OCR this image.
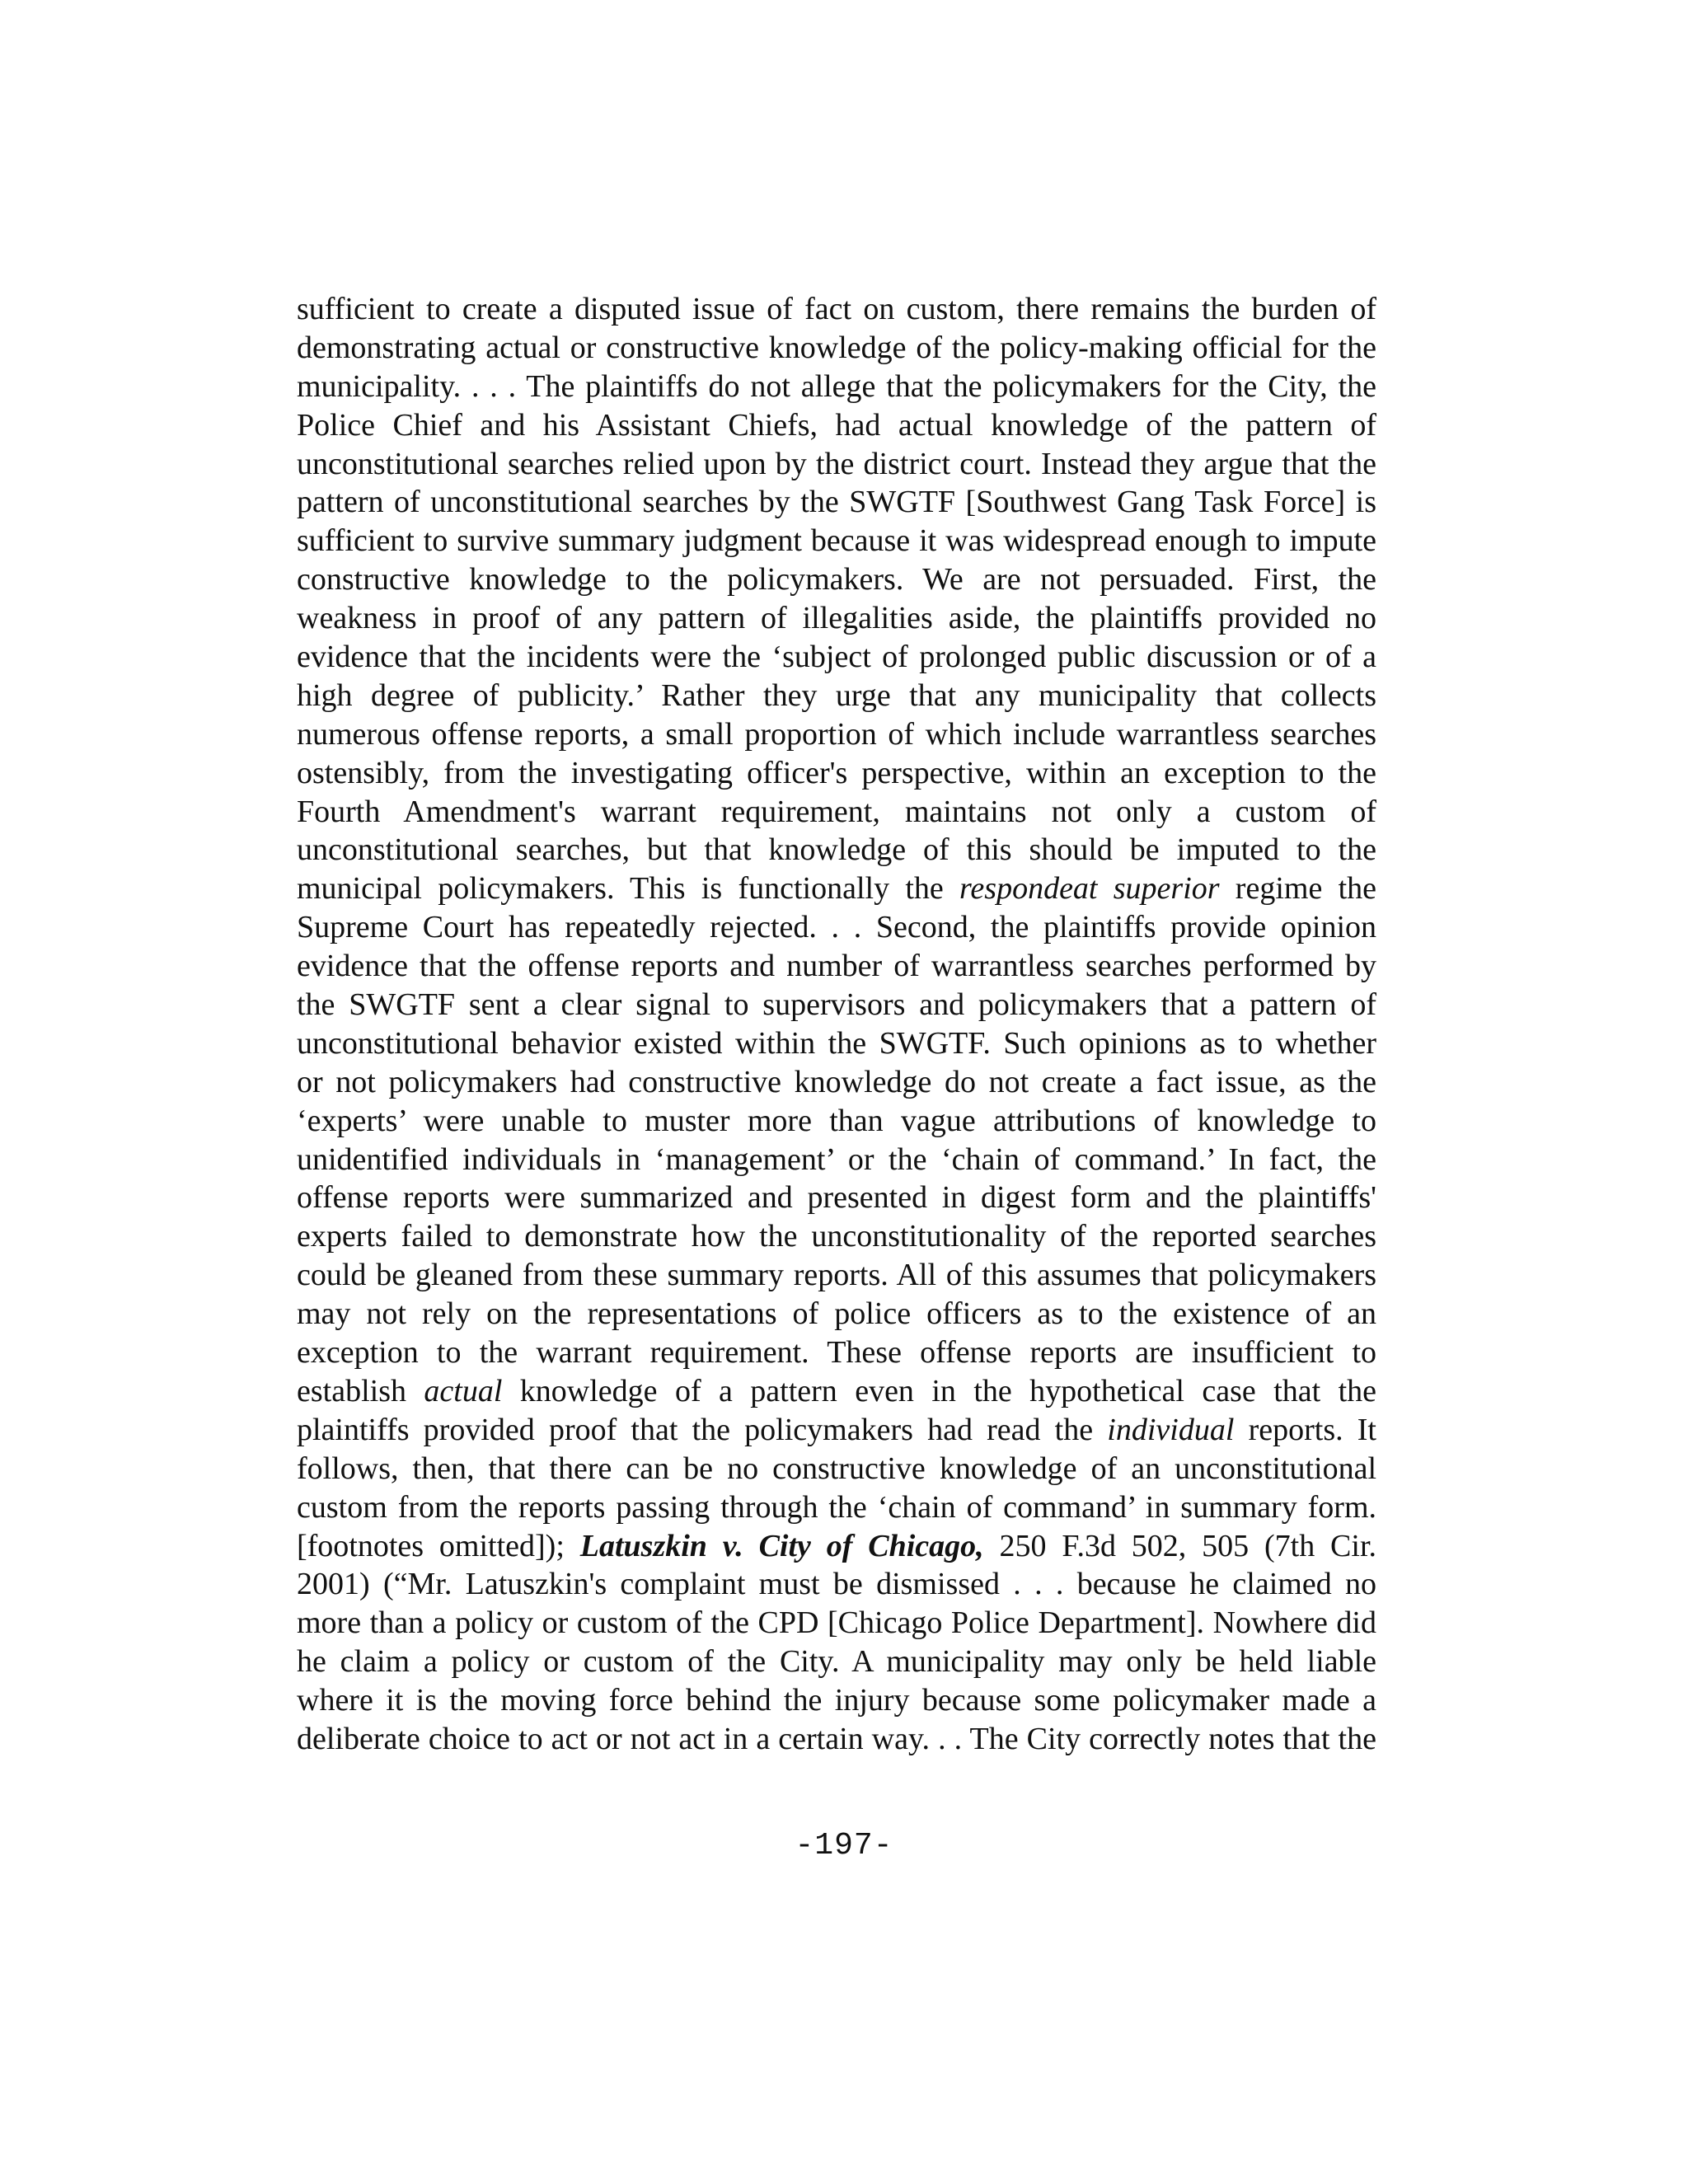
sufficient to create a disputed issue of fact on custom, there remains the burden of
demonstrating actual or constructive knowledge of the policy-making official for the
municipality. . . . The plaintiffs do not allege that the policymakers for the City, the
Police Chief and his Assistant Chiefs, had actual knowledge of the pattern of
unconstitutional searches relied upon by the district court. Instead they argue that the
pattern of unconstitutional searches by the SWGTF [Southwest Gang Task Force] is
sufficient to survive summary judgment because it was widespread enough to impute
constructive knowledge to the policymakers. We are not persuaded. First, the
weakness in proof of any pattern of illegalities aside, the plaintiffs provided no
evidence that the incidents were the ‘subject of prolonged public discussion or of a
high degree of publicity.’ Rather they urge that any municipality that collects
numerous offense reports, a small proportion of which include warrantless searches
ostensibly, from the investigating officer's perspective, within an exception to the
Fourth Amendment's warrant requirement, maintains not only a custom of
unconstitutional searches, but that knowledge of this should be imputed to the
municipal policymakers. This is functionally the respondeat superior regime the
Supreme Court has repeatedly rejected. . . Second, the plaintiffs provide opinion
evidence that the offense reports and number of warrantless searches performed by
the SWGTF sent a clear signal to supervisors and policymakers that a pattern of
unconstitutional behavior existed within the SWGTF. Such opinions as to whether
or not policymakers had constructive knowledge do not create a fact issue, as the
‘experts’ were unable to muster more than vague attributions of knowledge to
unidentified individuals in ‘management’ or the ‘chain of command.’ In fact, the
offense reports were summarized and presented in digest form and the plaintiffs'
experts failed to demonstrate how the unconstitutionality of the reported searches
could be gleaned from these summary reports. All of this assumes that policymakers
may not rely on the representations of police officers as to the existence of an
exception to the warrant requirement. These offense reports are insufficient to
establish actual knowledge of a pattern even in the hypothetical case that the
plaintiffs provided proof that the policymakers had read the individual reports. It
follows, then, that there can be no constructive knowledge of an unconstitutional
custom from the reports passing through the ‘chain of command’ in summary form.
[footnotes omitted]); Latuszkin v. City of Chicago, 250 F.3d 502, 505 (7th Cir.
2001) (“Mr. Latuszkin's complaint must be dismissed . . . because he claimed no
more than a policy or custom of the CPD [Chicago Police Department]. Nowhere did
he claim a policy or custom of the City. A municipality may only be held liable
where it is the moving force behind the injury because some policymaker made a
deliberate choice to act or not act in a certain way. . . The City correctly notes that the
-197-
